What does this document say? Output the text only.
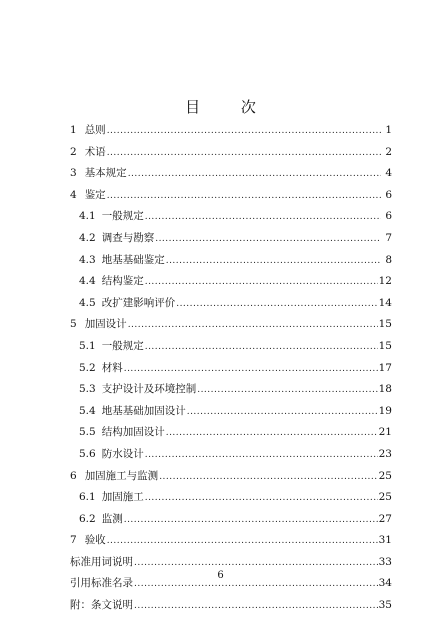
目 次
1 总则 .....	1
2 术语 .....	2
3 基本规定 .....	4
4 鉴定 .....	6
4.1 一般规定 .....	6
4.2 调查与勘察 .....	7
4.3 地基基础鉴定 .....	8
4.4 结构鉴定 .....	12
4.5 改扩建影响评价 .....	14
5 加固设计 .....	15
5.1 一般规定 .....	15
5.2 材料 .....	17
5.3 支护设计及环境控制 .....	18
5.4 地基基础加固设计 .....	19
5.5 结构加固设计 .....	21
5.6 防水设计 .....	23
6 加固施工与监测 .....	25
6.1 加固施工 .....	25
6.2 监测 .....	27
7 验收 .....	31
标准用词说明 .....	33
引用标准名录 .....	34
附：条文说明 .....	35
6
